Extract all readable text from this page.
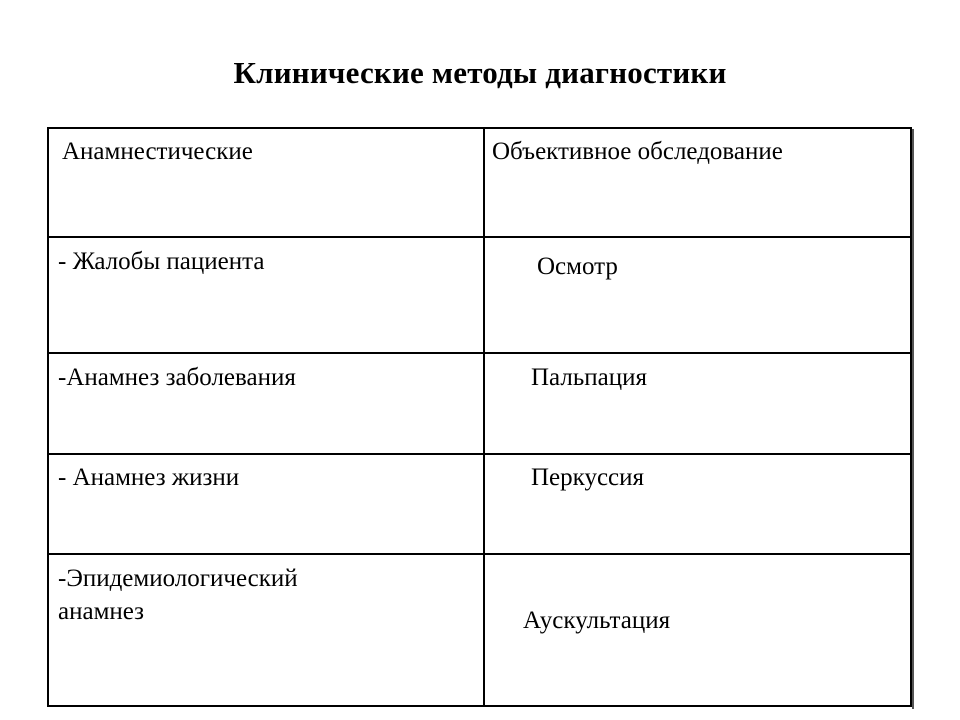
Клинические методы диагностики
Анамнестические	Объективное обследование
- Жалобы пациента	Осмотр
-Анамнез заболевания	Пальпация
- Анамнез жизни	Перкуссия
-Эпидемиологический
анамнез	Аускультация
